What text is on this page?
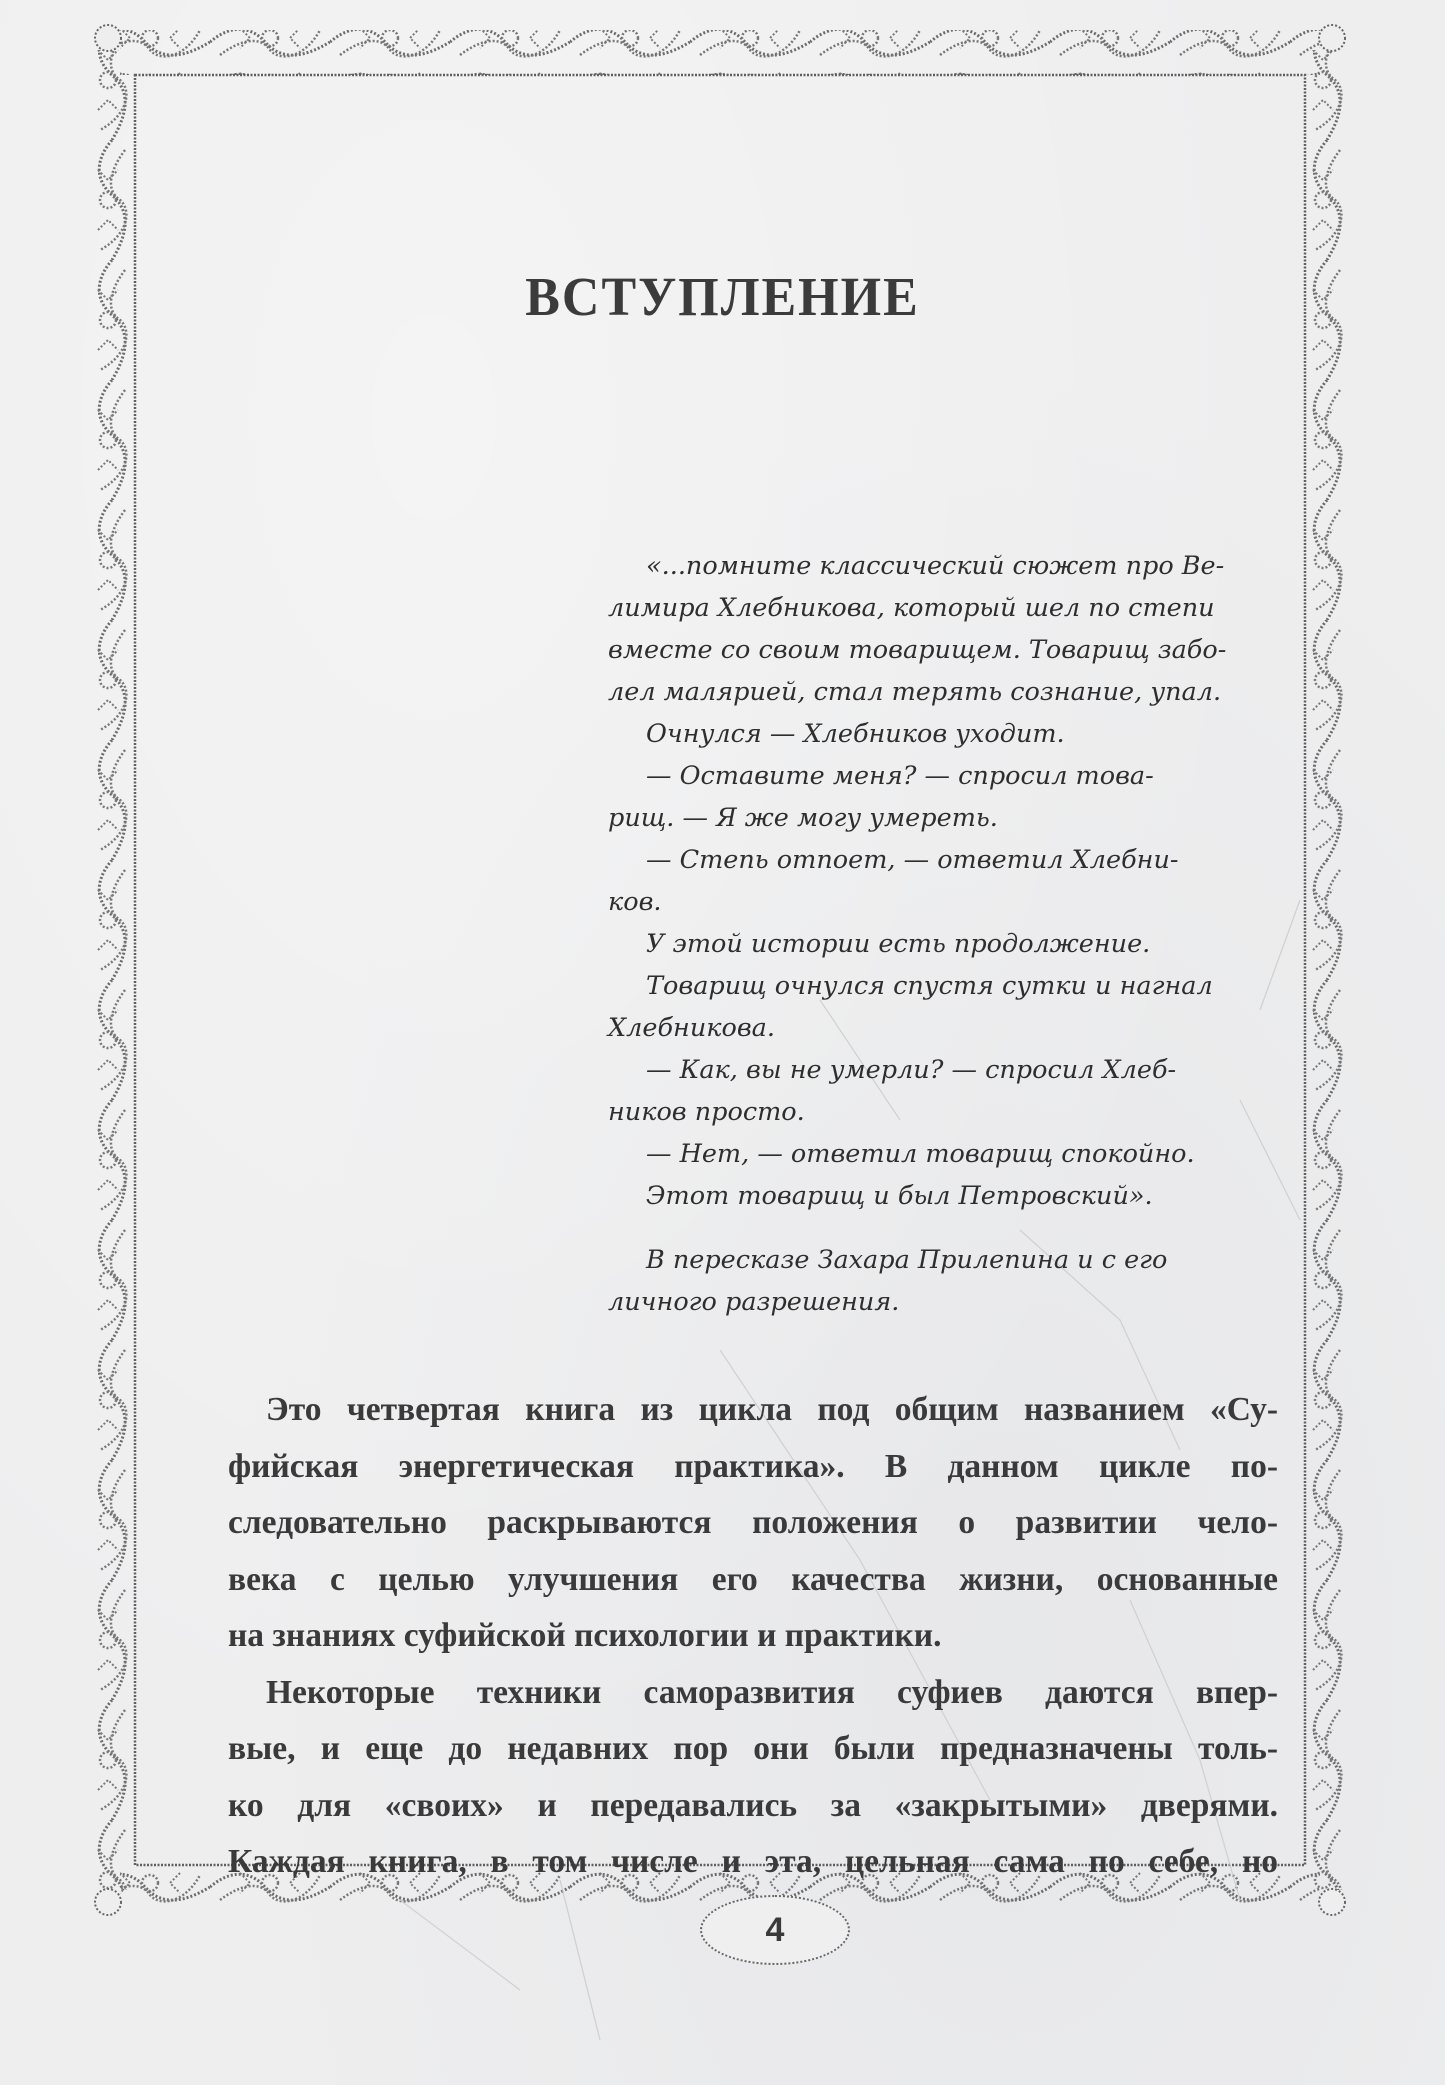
ВСТУПЛЕНИЕ
«...помните классический сюжет про Ве-
лимира Хлебникова, который шел по степи
вместе со своим товарищем. Товарищ забо-
лел малярией, стал терять сознание, упал.
Очнулся — Хлебников уходит.
— Оставите меня? — спросил това-
рищ. — Я же могу умереть.
— Степь отпоет, — ответил Хлебни-
ков.
У этой истории есть продолжение.
Товарищ очнулся спустя сутки и нагнал
Хлебникова.
— Как, вы не умерли? — спросил Хлеб-
ников просто.
— Нет, — ответил товарищ спокойно.
Этот товарищ и был Петровский».
В пересказе Захара Прилепина и с его
личного разрешения.
Это четвертая книга из цикла под общим названием «Су-
фийская энергетическая практика». В данном цикле по-
следовательно раскрываются положения о развитии чело-
века с целью улучшения его качества жизни, основанные
на знаниях суфийской психологии и практики.
Некоторые техники саморазвития суфиев даются впер-
вые, и еще до недавних пор они были предназначены толь-
ко для «своих» и передавались за «закрытыми» дверями.
Каждая книга, в том числе и эта, цельная сама по себе, но
4
